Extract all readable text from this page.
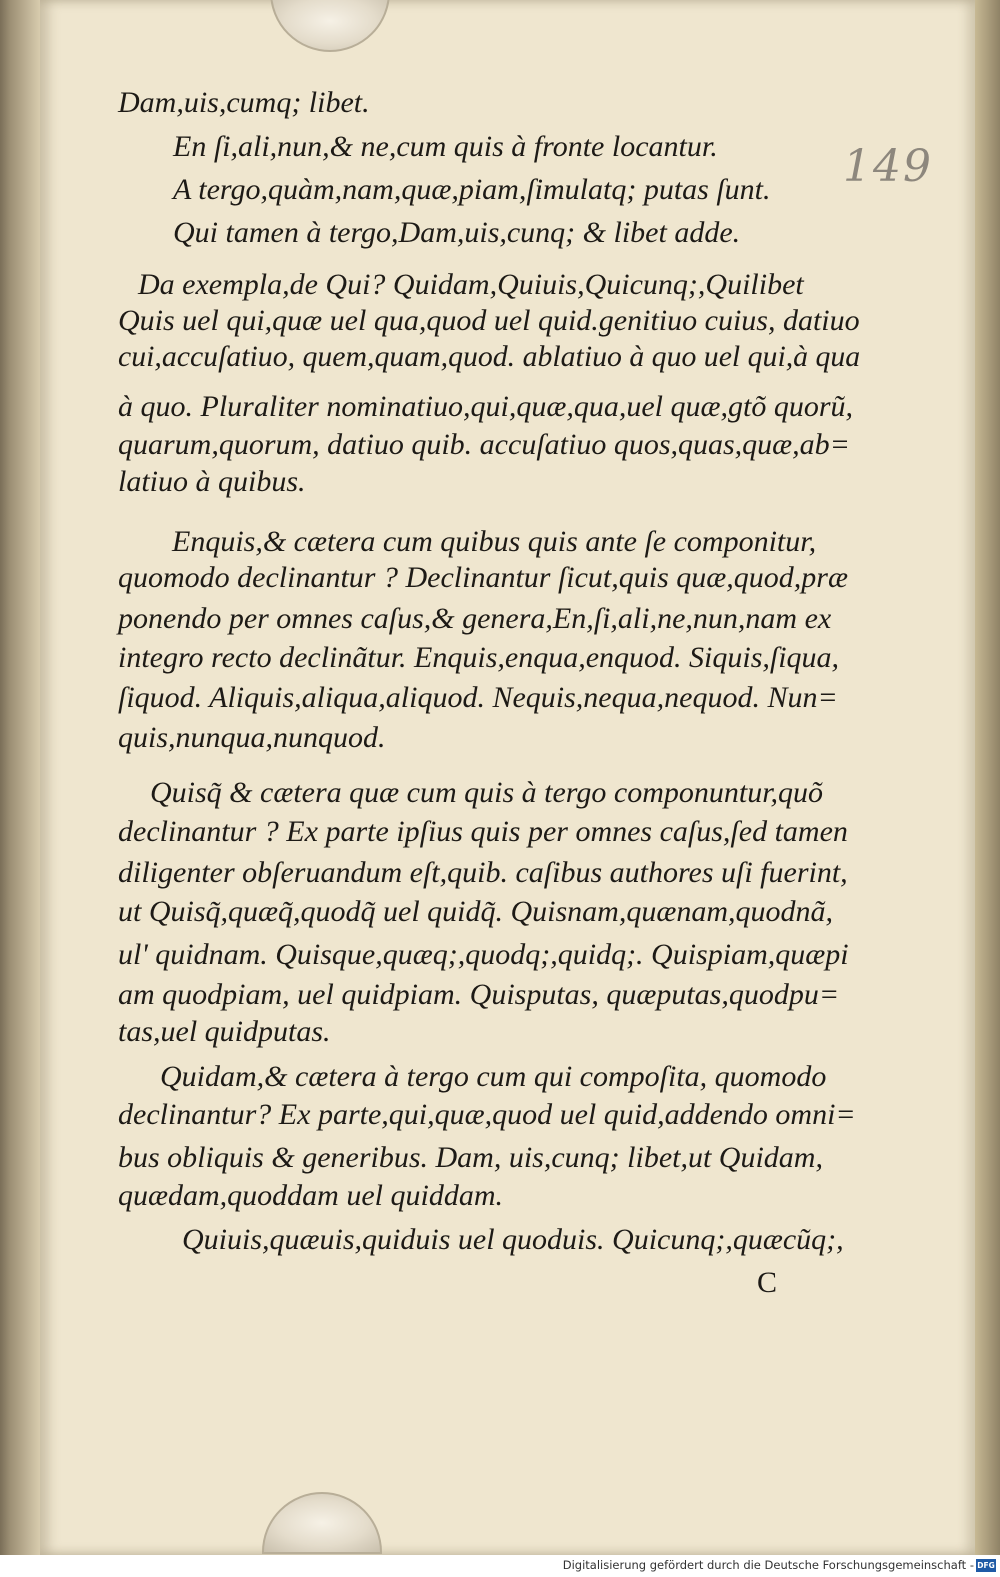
149
Dam,uis,cumq; libet.
En ſi,ali,nun,& ne,cum quis à fronte locantur.
A tergo,quàm,nam,quæ,piam,ſimulatq; putas ſunt.
Qui tamen à tergo,Dam,uis,cunq; & libet adde.
Da exempla,de Qui? Quidam,Quiuis,Quicunq;,Quilibet
Quis uel qui,quæ uel qua,quod uel quid.genitiuo cuius, datiuo
cui,accuſatiuo, quem,quam,quod. ablatiuo à quo uel qui,à qua
à quo. Pluraliter nominatiuo,qui,quæ,qua,uel quæ,gtõ quorũ,
quarum,quorum, datiuo quib. accuſatiuo quos,quas,quæ,ab=
latiuo à quibus.
Enquis,& cætera cum quibus quis ante ſe componitur,
quomodo declinantur ? Declinantur ſicut,quis quæ,quod,præ
ponendo per omnes caſus,& genera,En,ſi,ali,ne,nun,nam ex
integro recto declinãtur. Enquis,enqua,enquod. Siquis,ſiqua,
ſiquod. Aliquis,aliqua,aliquod. Nequis,nequa,nequod. Nun=
quis,nunqua,nunquod.
Quisq̃ & cætera quæ cum quis à tergo componuntur,quõ
declinantur ? Ex parte ipſius quis per omnes caſus,ſed tamen
diligenter obſeruandum eſt,quib. caſibus authores uſi fuerint,
ut Quisq̃,quæq̃,quodq̃ uel quidq̃. Quisnam,quænam,quodnã,
ul' quidnam. Quisque,quæq;,quodq;,quidq;. Quispiam,quæpi
am quodpiam, uel quidpiam. Quisputas, quæputas,quodpu=
tas,uel quidputas.
Quidam,& cætera à tergo cum qui compoſita, quomodo
declinantur? Ex parte,qui,quæ,quod uel quid,addendo omni=
bus obliquis & generibus. Dam, uis,cunq; libet,ut Quidam,
quædam,quoddam uel quiddam.
Quiuis,quæuis,quiduis uel quoduis. Quicunq;,quæcũq;,
C
Digitalisierung gefördert durch die Deutsche Forschungsgemeinschaft - DFG
